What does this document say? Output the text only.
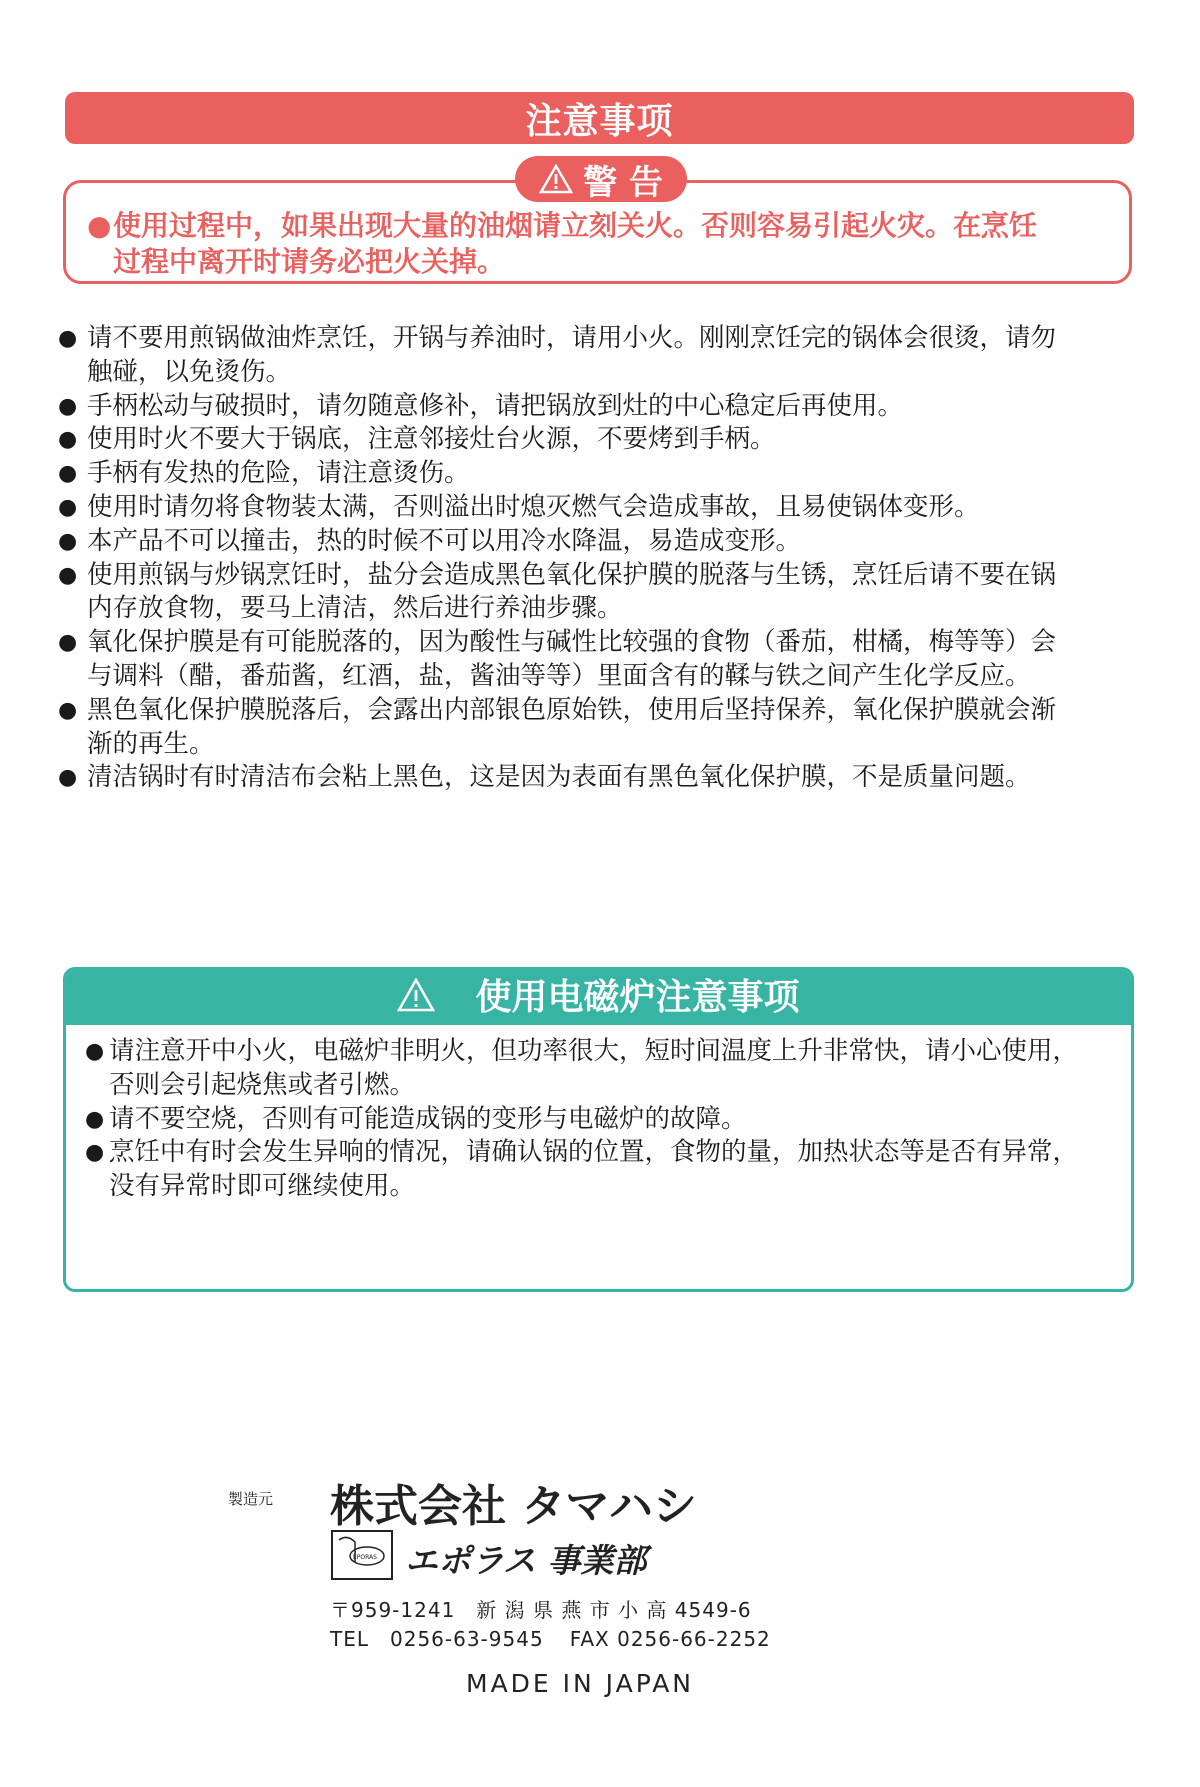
注意事项
警 告
● 使用过程中，如果出现大量的油烟请立刻关火。否则容易引起火灾。在烹饪
过程中离开时请务必把火关掉。
● 请不要用煎锅做油炸烹饪，开锅与养油时，请用小火。刚刚烹饪完的锅体会很烫，请勿
触碰，以免烫伤。
● 手柄松动与破损时，请勿随意修补，请把锅放到灶的中心稳定后再使用。
● 使用时火不要大于锅底，注意邻接灶台火源，不要烤到手柄。
● 手柄有发热的危险，请注意烫伤。
● 使用时请勿将食物装太满，否则溢出时熄灭燃气会造成事故，且易使锅体变形。
● 本产品不可以撞击，热的时候不可以用冷水降温，易造成变形。
● 使用煎锅与炒锅烹饪时，盐分会造成黑色氧化保护膜的脱落与生锈，烹饪后请不要在锅
内存放食物，要马上清洁，然后进行养油步骤。
● 氧化保护膜是有可能脱落的，因为酸性与碱性比较强的食物（番茄，柑橘，梅等等）会
与调料（醋，番茄酱，红酒，盐，酱油等等）里面含有的鞣与铁之间产生化学反应。
● 黑色氧化保护膜脱落后，会露出内部银色原始铁，使用后坚持保养，氧化保护膜就会渐
渐的再生。
● 清洁锅时有时清洁布会粘上黑色，这是因为表面有黑色氧化保护膜，不是质量问题。
使用电磁炉注意事项
● 请注意开中小火，电磁炉非明火，但功率很大，短时间温度上升非常快，请小心使用，
否则会引起烧焦或者引燃。
● 请不要空烧，否则有可能造成锅的变形与电磁炉的故障。
● 烹饪中有时会发生异响的情况，请确认锅的位置，食物的量，加热状态等是否有异常，
没有异常时即可继续使用。
製造元 株式会社 タマハシ
EPORAS エポラス 事業部
〒959-1241　新 潟 県 燕 市 小 高 4549-6
TEL　0256-63-9545 FAX 0256-66-2252
MADE IN JAPAN
